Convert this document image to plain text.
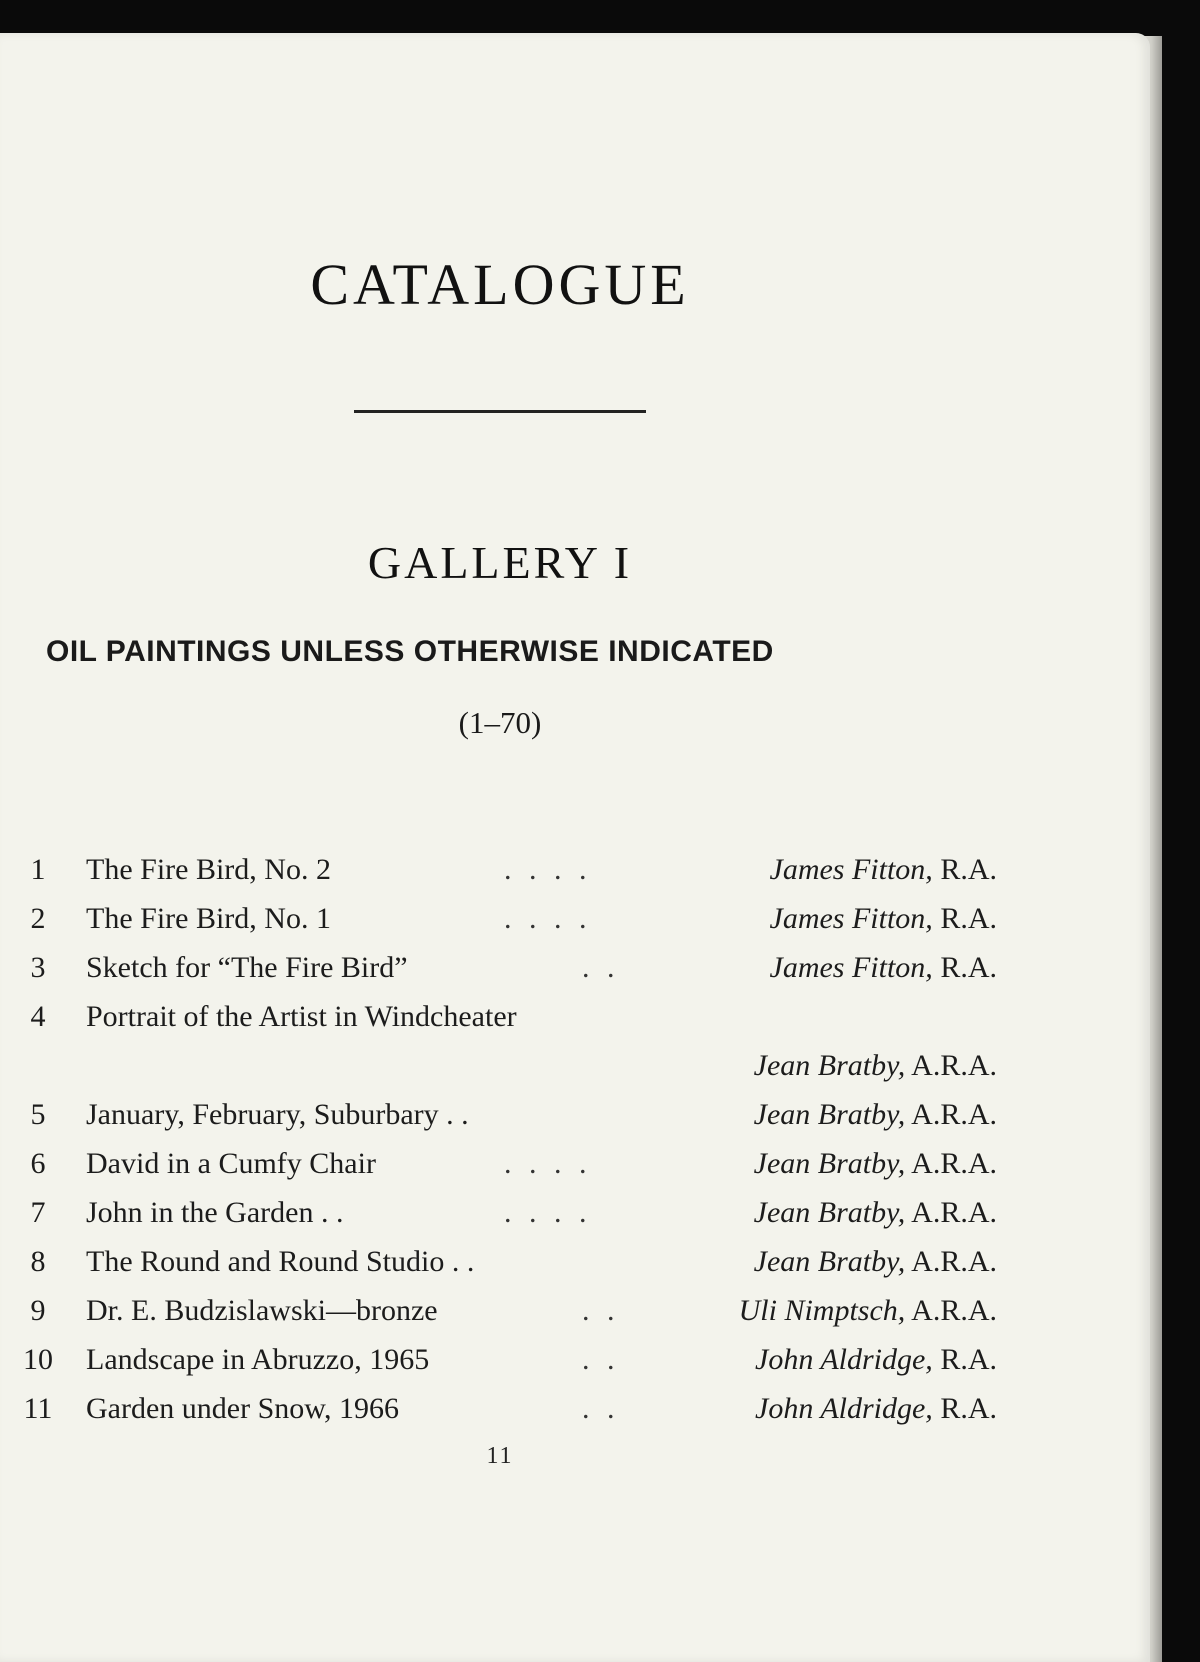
CATALOGUE
GALLERY I
OIL PAINTINGS UNLESS OTHERWISE INDICATED
(1–70)
1	The Fire Bird, No. 2	. . . .	James Fitton, R.A.
2	The Fire Bird, No. 1	. . . .	James Fitton, R.A.
3	Sketch for “The Fire Bird”	. .	James Fitton, R.A.
4	Portrait of the Artist in Windcheater
Jean Bratby, A.R.A.
5	January, February, Suburbary . .	Jean Bratby, A.R.A.
6	David in a Cumfy Chair	. . . .	Jean Bratby, A.R.A.
7	John in the Garden . .	. . . .	Jean Bratby, A.R.A.
8	The Round and Round Studio . .	Jean Bratby, A.R.A.
9	Dr. E. Budzislawski—bronze	. .	Uli Nimptsch, A.R.A.
10 Landscape in Abruzzo, 1965	. .	John Aldridge, R.A.
11 Garden under Snow, 1966	. .	John Aldridge, R.A.
11
